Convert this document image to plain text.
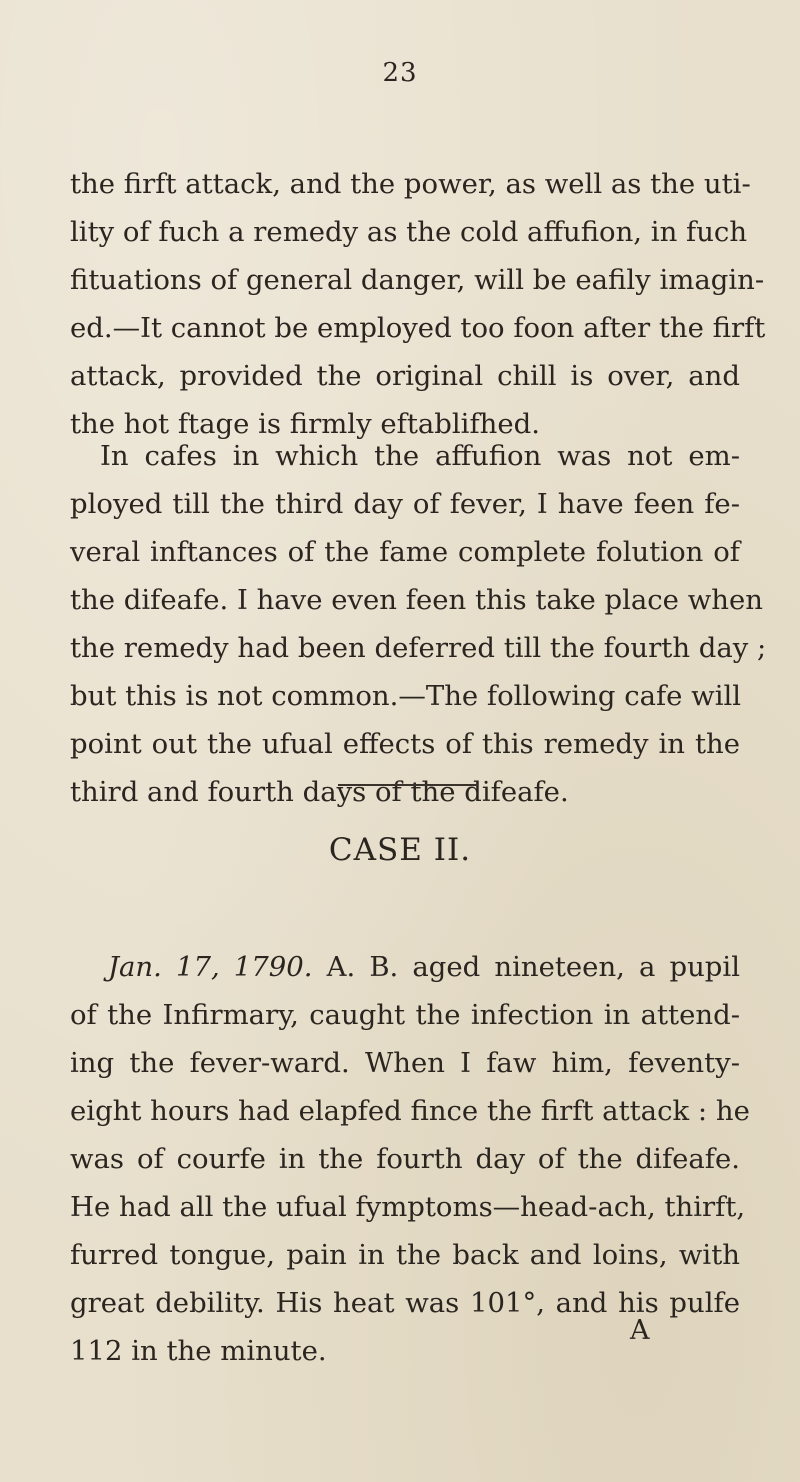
23
the firft attack, and the power, as well as the uti-
lity of fuch a remedy as the cold affufion, in fuch
fituations of general danger, will be eafily imagin-
ed.—It cannot be employed too foon after the firft
attack, provided the original chill is over, and
the hot ftage is firmly eftablifhed.
In cafes in which the affufion was not em-
ployed till the third day of fever, I have feen fe-
veral inftances of the fame complete folution of
the difeafe. I have even feen this take place when
the remedy had been deferred till the fourth day ;
but this is not common.—The following cafe will
point out the ufual effects of this remedy in the
third and fourth days of the difeafe.
CASE II.
Jan. 17, 1790. A. B. aged nineteen, a pupil
of the Infirmary, caught the infection in attend-
ing the fever-ward. When I faw him, feventy-
eight hours had elapfed fince the firft attack : he
was of courfe in the fourth day of the difeafe.
He had all the ufual fymptoms—head-ach, thirft,
furred tongue, pain in the back and loins, with
great debility. His heat was 101°, and his pulfe
112 in the minute.
A
